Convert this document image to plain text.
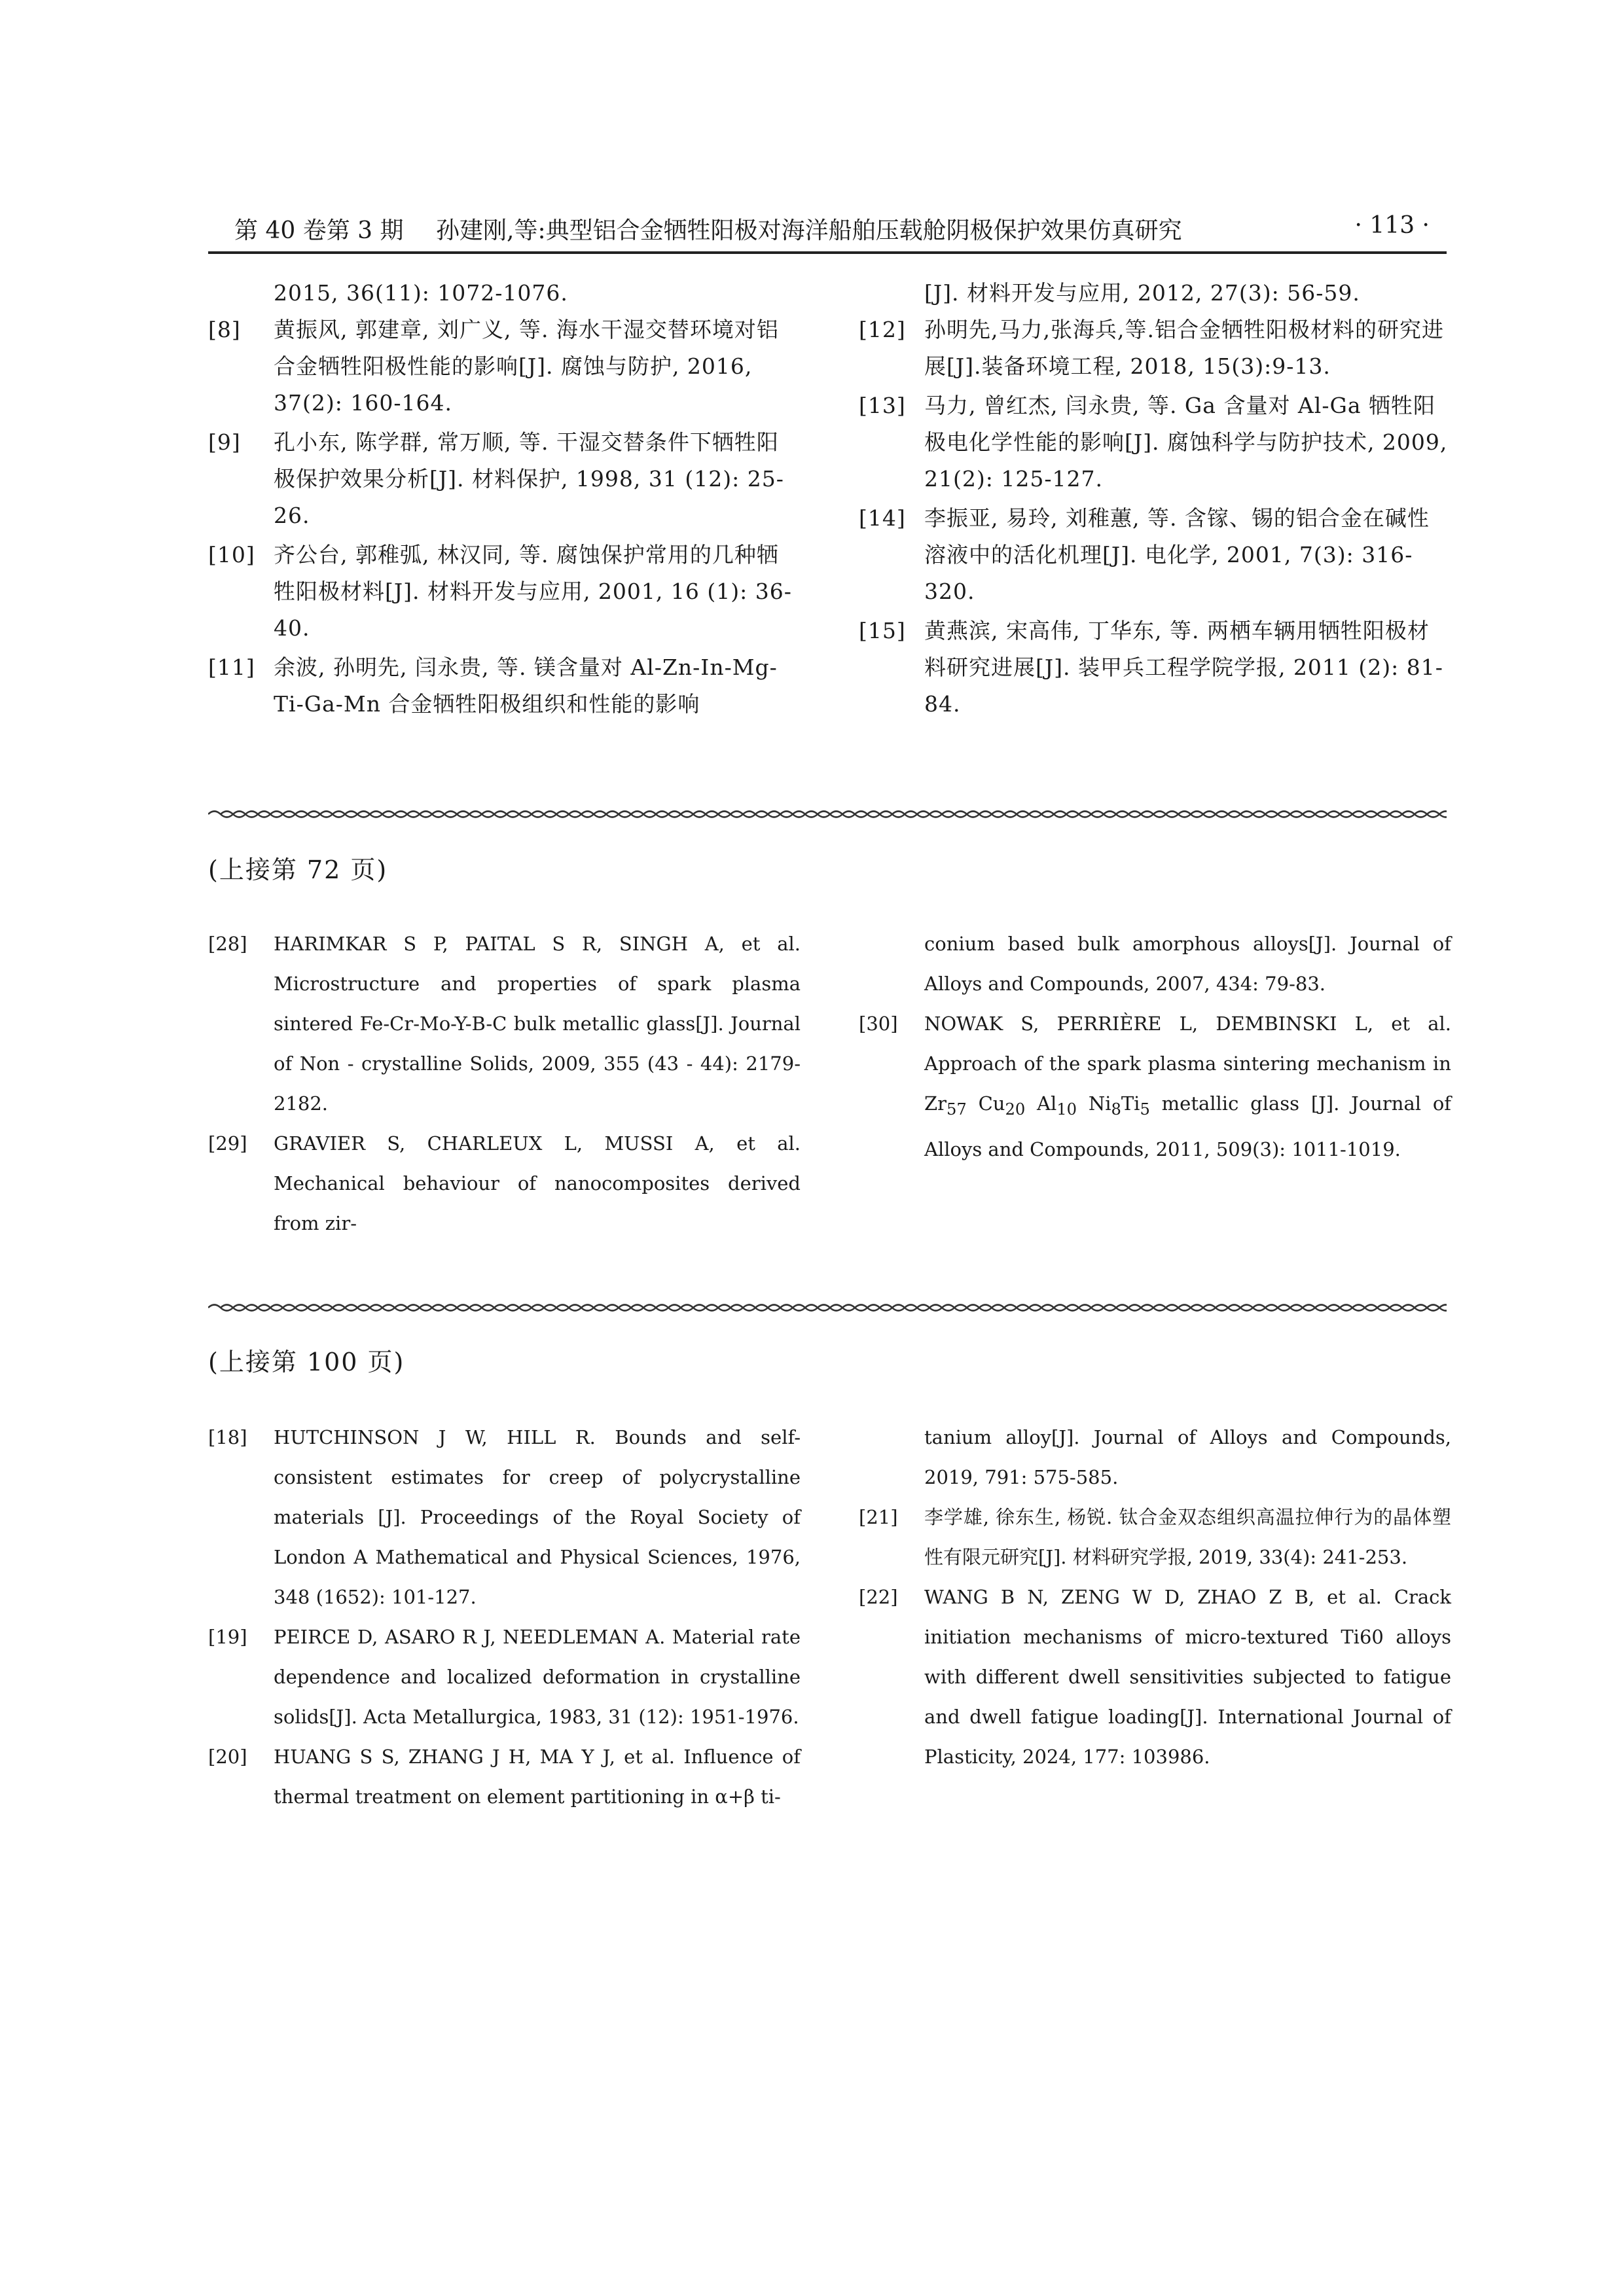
第 40 卷第 3 期 孙建刚,等:典型铝合金牺牲阳极对海洋船舶压载舱阴极保护效果仿真研究	· 113 ·
2015, 36(11): 1072-1076.
[8] 黄振风, 郭建章, 刘广义, 等. 海水干湿交替环境对铝合金牺牲阳极性能的影响[J]. 腐蚀与防护, 2016, 37(2): 160-164.
[9] 孔小东, 陈学群, 常万顺, 等. 干湿交替条件下牺牲阳极保护效果分析[J]. 材料保护, 1998, 31 (12): 25-26.
[10] 齐公台, 郭稚弧, 林汉同, 等. 腐蚀保护常用的几种牺牲阳极材料[J]. 材料开发与应用, 2001, 16 (1): 36-40.
[11] 余波, 孙明先, 闫永贵, 等. 镁含量对 Al-Zn-In-Mg-Ti-Ga-Mn 合金牺牲阳极组织和性能的影响
[J]. 材料开发与应用, 2012, 27(3): 56-59.
[12] 孙明先,马力,张海兵,等.铝合金牺牲阳极材料的研究进展[J].装备环境工程, 2018, 15(3):9-13.
[13] 马力, 曾红杰, 闫永贵, 等. Ga 含量对 Al-Ga 牺牲阳极电化学性能的影响[J]. 腐蚀科学与防护技术, 2009, 21(2): 125-127.
[14] 李振亚, 易玲, 刘稚蕙, 等. 含镓、锡的铝合金在碱性溶液中的活化机理[J]. 电化学, 2001, 7(3): 316-320.
[15] 黄燕滨, 宋高伟, 丁华东, 等. 两栖车辆用牺牲阳极材料研究进展[J]. 装甲兵工程学院学报, 2011 (2): 81-84.
(上接第 72 页)
[28] HARIMKAR S P, PAITAL S R, SINGH A, et al. Microstructure and properties of spark plasma sintered Fe-Cr-Mo-Y-B-C bulk metallic glass[J]. Journal of Non - crystalline Solids, 2009, 355 (43 - 44): 2179-2182.
[29] GRAVIER S, CHARLEUX L, MUSSI A, et al. Mechanical behaviour of nanocomposites derived from zir-
conium based bulk amorphous alloys[J]. Journal of Alloys and Compounds, 2007, 434: 79-83.
[30] NOWAK S, PERRIÈRE L, DEMBINSKI L, et al. Approach of the spark plasma sintering mechanism in $Zr_{57}$ $Cu_{20}$ $Al_{10}$ $Ni_8Ti_5$ metallic glass [J]. Journal of Alloys and Compounds, 2011, 509(3): 1011-1019.
(上接第 100 页)
[18] HUTCHINSON J W, HILL R. Bounds and self-consistent estimates for creep of polycrystalline materials [J]. Proceedings of the Royal Society of London A Mathematical and Physical Sciences, 1976, 348 (1652): 101-127.
[19] PEIRCE D, ASARO R J, NEEDLEMAN A. Material rate dependence and localized deformation in crystalline solids[J]. Acta Metallurgica, 1983, 31 (12): 1951-1976.
[20] HUANG S S, ZHANG J H, MA Y J, et al. Influence of thermal treatment on element partitioning in α+β ti-
tanium alloy[J]. Journal of Alloys and Compounds, 2019, 791: 575-585.
[21] 李学雄, 徐东生, 杨锐. 钛合金双态组织高温拉伸行为的晶体塑性有限元研究[J]. 材料研究学报, 2019, 33(4): 241-253.
[22] WANG B N, ZENG W D, ZHAO Z B, et al. Crack initiation mechanisms of micro-textured Ti60 alloys with different dwell sensitivities subjected to fatigue and dwell fatigue loading[J]. International Journal of Plasticity, 2024, 177: 103986.
